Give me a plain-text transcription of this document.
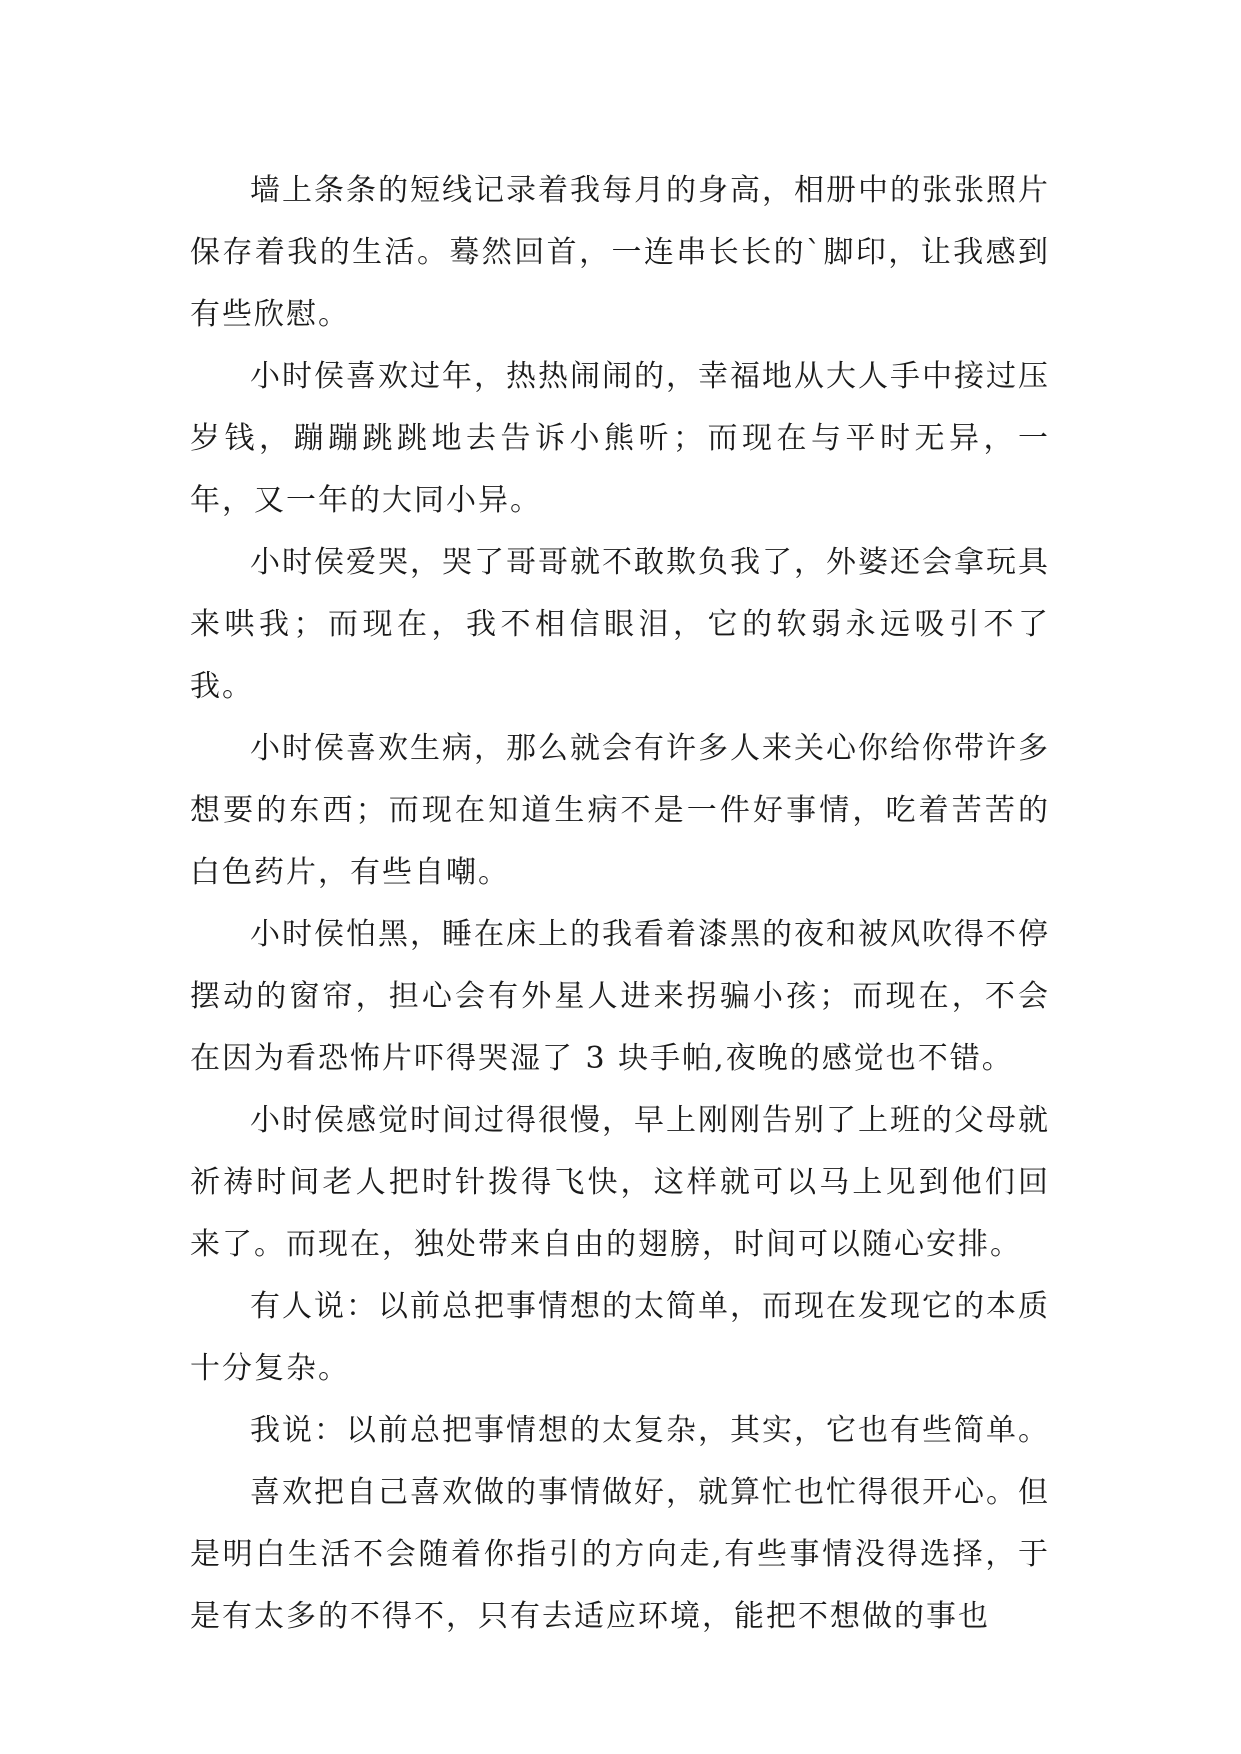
墙上条条的短线记录着我每月的身高，相册中的张张照片保存着我的生活。蓦然回首，一连串长长的`脚印，让我感到有些欣慰。

小时侯喜欢过年，热热闹闹的，幸福地从大人手中接过压岁钱，蹦蹦跳跳地去告诉小熊听；而现在与平时无异，一年，又一年的大同小异。

小时侯爱哭，哭了哥哥就不敢欺负我了，外婆还会拿玩具来哄我；而现在，我不相信眼泪，它的软弱永远吸引不了我。

小时侯喜欢生病，那么就会有许多人来关心你给你带许多想要的东西；而现在知道生病不是一件好事情，吃着苦苦的白色药片，有些自嘲。

小时侯怕黑，睡在床上的我看着漆黑的夜和被风吹得不停摆动的窗帘，担心会有外星人进来拐骗小孩；而现在，不会在因为看恐怖片吓得哭湿了 3 块手帕,夜晚的感觉也不错。

小时侯感觉时间过得很慢，早上刚刚告别了上班的父母就祈祷时间老人把时针拨得飞快，这样就可以马上见到他们回来了。而现在，独处带来自由的翅膀，时间可以随心安排。

有人说：以前总把事情想的太简单，而现在发现它的本质十分复杂。

我说：以前总把事情想的太复杂，其实，它也有些简单。

喜欢把自己喜欢做的事情做好，就算忙也忙得很开心。但是明白生活不会随着你指引的方向走,有些事情没得选择，于是有太多的不得不，只有去适应环境，能把不想做的事也
